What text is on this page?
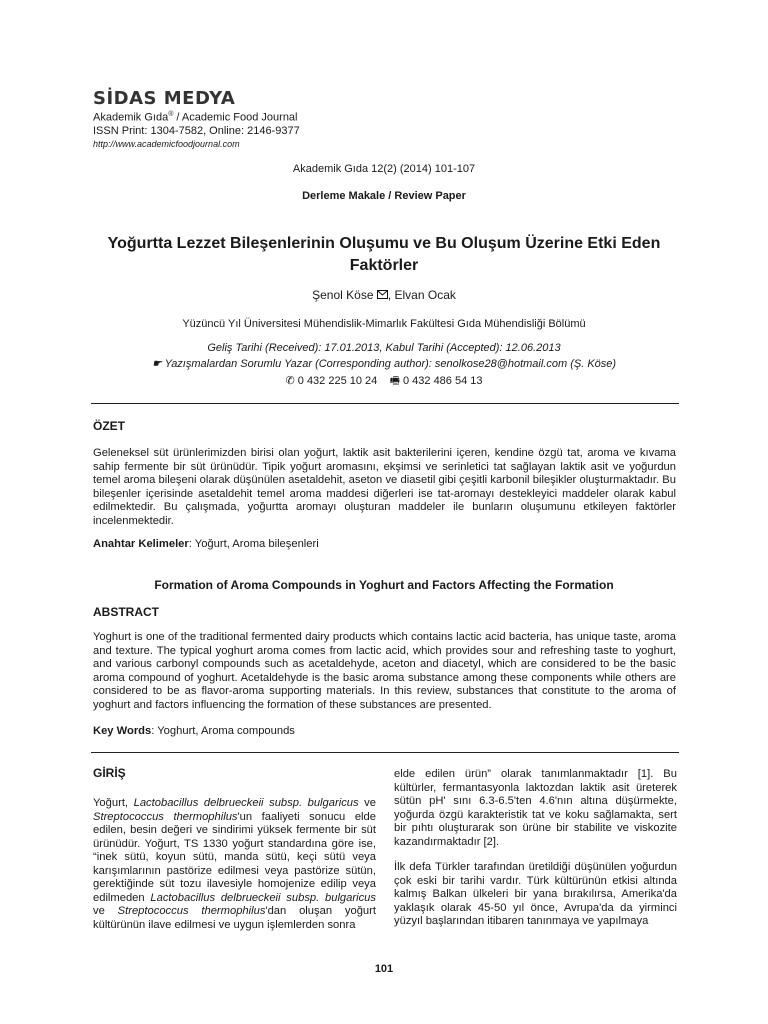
SİDAS MEDYA
Akademik Gıda® / Academic Food Journal
ISSN Print: 1304-7582, Online: 2146-9377
http://www.academicfoodjournal.com
Akademik Gıda 12(2) (2014) 101-107
Derleme Makale / Review Paper
Yoğurtta Lezzet Bileşenlerinin Oluşumu ve Bu Oluşum Üzerine Etki Eden Faktörler
Şenol Köse , Elvan Ocak
Yüzüncü Yıl Üniversitesi Mühendislik-Mimarlık Fakültesi Gıda Mühendisliği Bölümü
Geliş Tarihi (Received): 17.01.2013, Kabul Tarihi (Accepted): 12.06.2013
☛ Yazışmalardan Sorumlu Yazar (Corresponding author): senolkose28@hotmail.com (Ş. Köse)
✆ 0 432 225 10 24 🖷 0 432 486 54 13
ÖZET
Geleneksel süt ürünlerimizden birisi olan yoğurt, laktik asit bakterilerini içeren, kendine özgü tat, aroma ve kıvama sahip fermente bir süt ürünüdür. Tipik yoğurt aromasını, ekşimsi ve serinletici tat sağlayan laktik asit ve yoğurdun temel aroma bileşeni olarak düşünülen asetaldehit, aseton ve diasetil gibi çeşitli karbonil bileşikler oluşturmaktadır. Bu bileşenler içerisinde asetaldehit temel aroma maddesi diğerleri ise tat-aromayı destekleyici maddeler olarak kabul edilmektedir. Bu çalışmada, yoğurtta aromayı oluşturan maddeler ile bunların oluşumunu etkileyen faktörler incelenmektedir.
Anahtar Kelimeler: Yoğurt, Aroma bileşenleri
Formation of Aroma Compounds in Yoghurt and Factors Affecting the Formation
ABSTRACT
Yoghurt is one of the traditional fermented dairy products which contains lactic acid bacteria, has unique taste, aroma and texture. The typical yoghurt aroma comes from lactic acid, which provides sour and refreshing taste to yoghurt, and various carbonyl compounds such as acetaldehyde, aceton and diacetyl, which are considered to be the basic aroma compound of yoghurt. Acetaldehyde is the basic aroma substance among these components while others are considered to be as flavor-aroma supporting materials. In this review, substances that constitute to the aroma of yoghurt and factors influencing the formation of these substances are presented.
Key Words: Yoghurt, Aroma compounds
GİRİŞ

Yoğurt, Lactobacillus delbrueckeii subsp. bulgaricus ve Streptococcus thermophilus'un faaliyeti sonucu elde edilen, besin değeri ve sindirimi yüksek fermente bir süt ürünüdür. Yoğurt, TS 1330 yoğurt standardına göre ise, “inek sütü, koyun sütü, manda sütü, keçi sütü veya karışımlarının pastörize edilmesi veya pastörize sütün, gerektiğinde süt tozu ilavesiyle homojenize edilip veya edilmeden Lactobacillus delbrueckeii subsp. bulgaricus ve Streptococcus thermophilus'dan oluşan yoğurt kültürünün ilave edilmesi ve uygun işlemlerden sonra

elde edilen ürün” olarak tanımlanmaktadır [1]. Bu kültürler, fermantasyonla laktozdan laktik asit üreterek sütün pH' sını 6.3-6.5'ten 4.6'nın altına düşürmekte, yoğurda özgü karakteristik tat ve koku sağlamakta, sert bir pıhtı oluşturarak son ürüne bir stabilite ve viskozite kazandırmaktadır [2].

İlk defa Türkler tarafından üretildiği düşünülen yoğurdun çok eski bir tarihi vardır. Türk kültürünün etkisi altında kalmış Balkan ülkeleri bir yana bırakılırsa, Amerika'da yaklaşık olarak 45-50 yıl önce, Avrupa'da da yirminci yüzyıl başlarından itibaren tanınmaya ve yapılmaya

101
